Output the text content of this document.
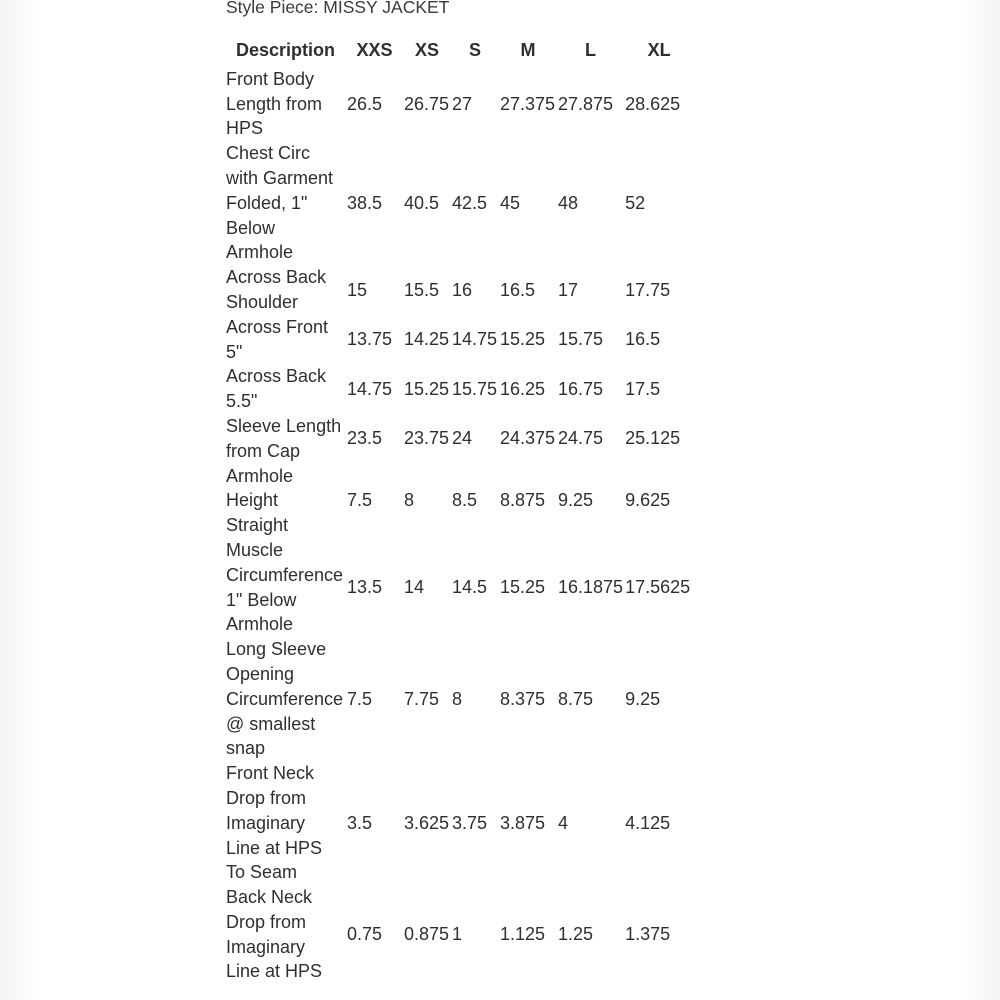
Style Piece: MISSY JACKET
Description	XXS	XS	S	M	L	XL
Front Body
Length from
HPS	26.5	26.75	27	27.375	27.875	28.625
Chest Circ
with Garment
Folded, 1"
Below
Armhole	38.5	40.5	42.5	45	48	52
Across Back
Shoulder	15	15.5	16	16.5	17	17.75
Across Front
5"	13.75	14.25	14.75	15.25	15.75	16.5
Across Back
5.5"	14.75	15.25	15.75	16.25	16.75	17.5
Sleeve Length
from Cap	23.5	23.75	24	24.375	24.75	25.125
Armhole
Height
Straight	7.5	8	8.5	8.875	9.25	9.625
Muscle
Circumference
1" Below
Armhole	13.5	14	14.5	15.25	16.1875	17.5625
Long Sleeve
Opening
Circumference
@ smallest
snap	7.5	7.75	8	8.375	8.75	9.25
Front Neck
Drop from
Imaginary
Line at HPS
To Seam	3.5	3.625	3.75	3.875	4	4.125
Back Neck
Drop from
Imaginary
Line at HPS	0.75	0.875	1	1.125	1.25	1.375
